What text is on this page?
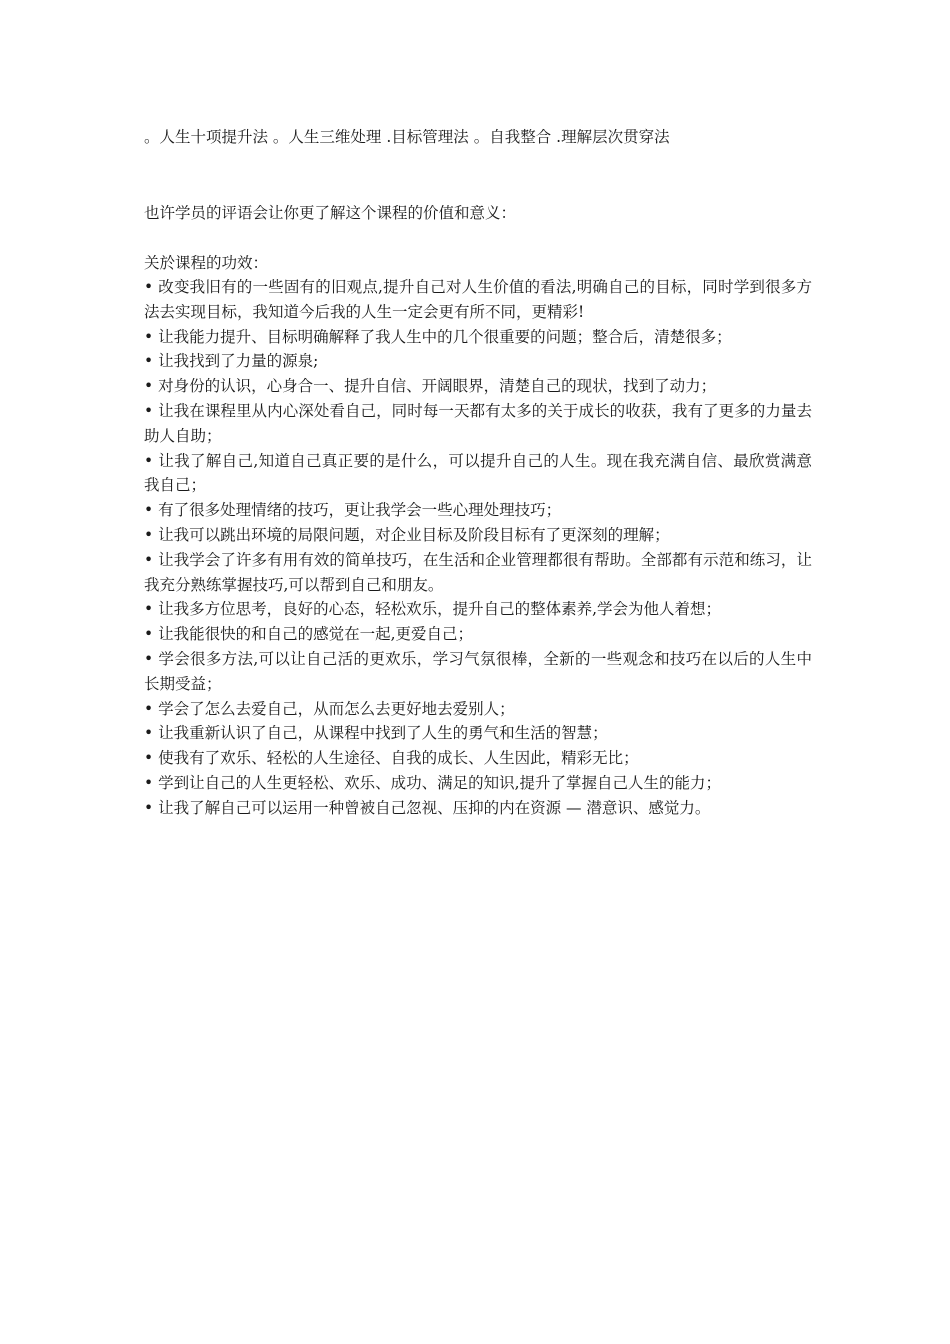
。人生十项提升法 。人生三维处理 .目标管理法 。自我整合 .理解层次贯穿法
也许学员的评语会让你更了解这个课程的价值和意义：
关於课程的功效：
• 改变我旧有的一些固有的旧观点,提升自己对人生价值的看法,明确自己的目标，同时学到很多方法去实现目标，我知道今后我的人生一定会更有所不同，更精彩!
• 让我能力提升、目标明确解释了我人生中的几个很重要的问题；整合后，清楚很多；
• 让我找到了力量的源泉;
• 对身份的认识，心身合一、提升自信、开阔眼界，清楚自己的现状，找到了动力；
• 让我在课程里从内心深处看自己，同时每一天都有太多的关于成长的收获，我有了更多的力量去助人自助；
• 让我了解自己,知道自己真正要的是什么，可以提升自己的人生。现在我充满自信、最欣赏满意我自己；
• 有了很多处理情绪的技巧，更让我学会一些心理处理技巧；
• 让我可以跳出环境的局限问题，对企业目标及阶段目标有了更深刻的理解；
• 让我学会了许多有用有效的简单技巧，在生活和企业管理都很有帮助。全部都有示范和练习，让我充分熟练掌握技巧,可以帮到自己和朋友。
• 让我多方位思考，良好的心态，轻松欢乐，提升自己的整体素养,学会为他人着想；
• 让我能很快的和自己的感觉在一起,更爱自己；
• 学会很多方法,可以让自己活的更欢乐，学习气氛很棒，全新的一些观念和技巧在以后的人生中长期受益；
• 学会了怎么去爱自己，从而怎么去更好地去爱别人；
• 让我重新认识了自己，从课程中找到了人生的勇气和生活的智慧；
• 使我有了欢乐、轻松的人生途径、自我的成长、人生因此，精彩无比；
• 学到让自己的人生更轻松、欢乐、成功、满足的知识,提升了掌握自己人生的能力；
• 让我了解自己可以运用一种曾被自己忽视、压抑的内在资源 — 潜意识、感觉力。
